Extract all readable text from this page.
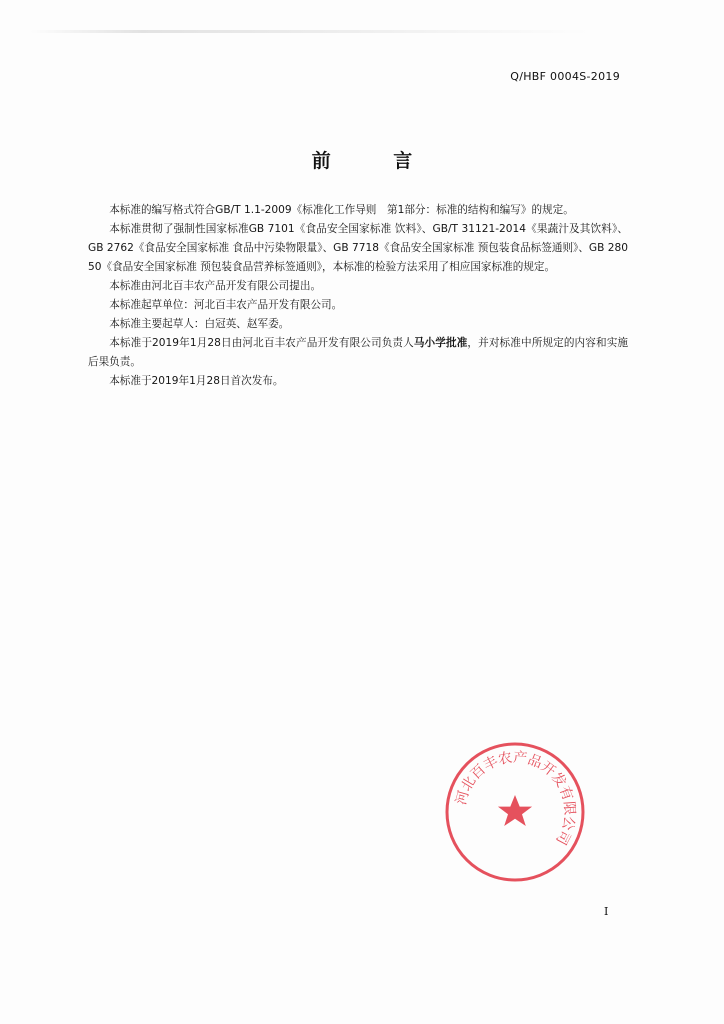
Q/HBF 0004S-2019
前 言

本标准的编写格式符合GB/T 1.1-2009《标准化工作导则　第1部分：标准的结构和编写》的规定。

本标准贯彻了强制性国家标准GB 7101《食品安全国家标准 饮料》、GB/T 31121-2014《果蔬汁及其饮料》、GB 2762《食品安全国家标准 食品中污染物限量》、GB 7718《食品安全国家标准 预包装食品标签通则》、GB 28050《食品安全国家标准 预包装食品营养标签通则》，本标准的检验方法采用了相应国家标准的规定。

本标准由河北百丰农产品开发有限公司提出。

本标准起草单位：河北百丰农产品开发有限公司。

本标准主要起草人：白冠英、赵军委。

本标准于2019年1月28日由河北百丰农产品开发有限公司负责人马小学批准，并对标准中所规定的内容和实施后果负责。

本标准于2019年1月28日首次发布。

河北百丰农产品开发有限公司
I
